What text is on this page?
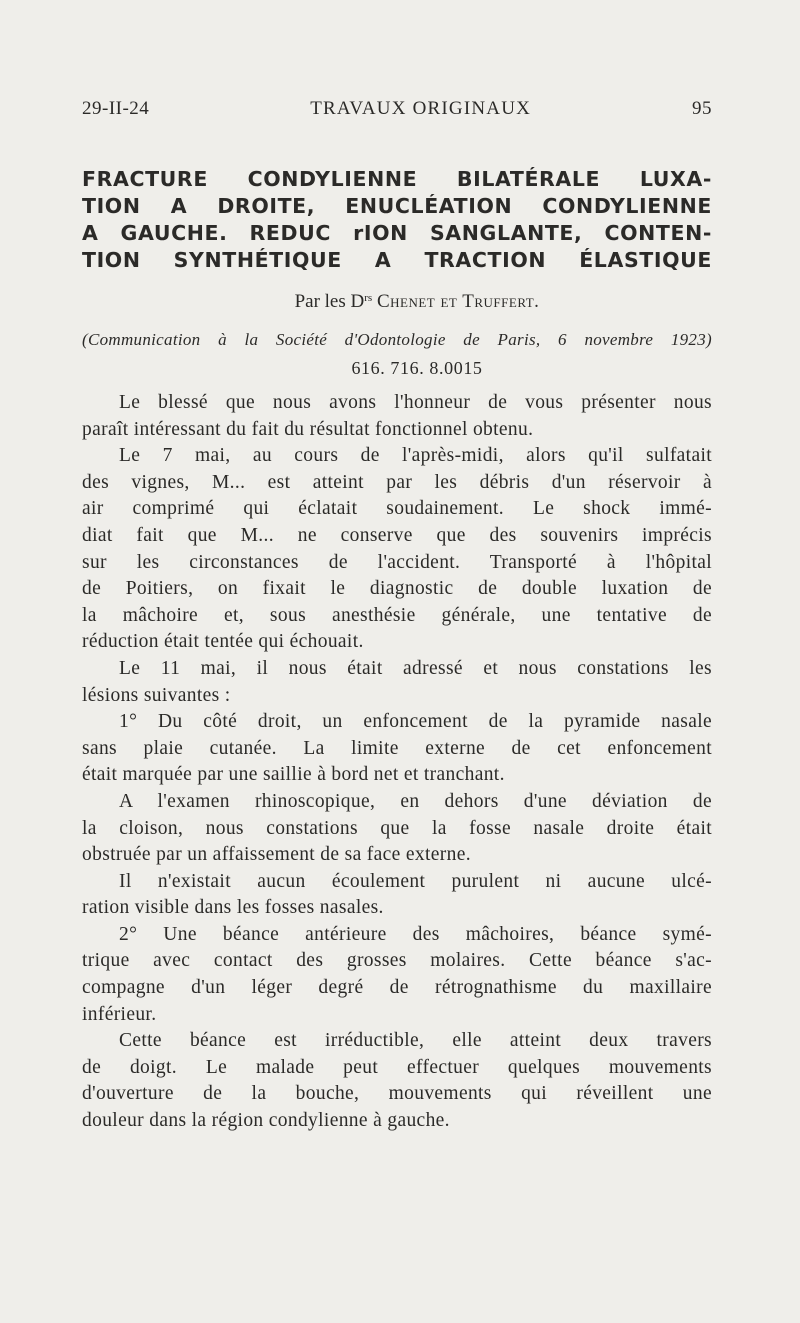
29-II-24	TRAVAUX ORIGINAUX	95
FRACTURE CONDYLIENNE BILATÉRALE LUXA-
TION A DROITE, ENUCLÉATION CONDYLIENNE
A GAUCHE. REDUC rION SANGLANTE, CONTEN-
TION SYNTHÉTIQUE A TRACTION ÉLASTIQUE
Par les $D^{rs}$ Chenet et Truffert.
(Communication à la Société d'Odontologie de Paris, 6 novembre 1923)
616. 716. 8.0015
Le blessé que nous avons l'honneur de vous présenter nous
paraît intéressant du fait du résultat fonctionnel obtenu.
Le 7 mai, au cours de l'après-midi, alors qu'il sulfatait
des vignes, M... est atteint par les débris d'un réservoir à
air comprimé qui éclatait soudainement. Le shock immé-
diat fait que M... ne conserve que des souvenirs imprécis
sur les circonstances de l'accident. Transporté à l'hôpital
de Poitiers, on fixait le diagnostic de double luxation de
la mâchoire et, sous anesthésie générale, une tentative de
réduction était tentée qui échouait.
Le 11 mai, il nous était adressé et nous constations les
lésions suivantes :
1° Du côté droit, un enfoncement de la pyramide nasale
sans plaie cutanée. La limite externe de cet enfoncement
était marquée par une saillie à bord net et tranchant.
A l'examen rhinoscopique, en dehors d'une déviation de
la cloison, nous constations que la fosse nasale droite était
obstruée par un affaissement de sa face externe.
Il n'existait aucun écoulement purulent ni aucune ulcé-
ration visible dans les fosses nasales.
2° Une béance antérieure des mâchoires, béance symé-
trique avec contact des grosses molaires. Cette béance s'ac-
compagne d'un léger degré de rétrognathisme du maxillaire
inférieur.
Cette béance est irréductible, elle atteint deux travers
de doigt. Le malade peut effectuer quelques mouvements
d'ouverture de la bouche, mouvements qui réveillent une
douleur dans la région condylienne à gauche.
